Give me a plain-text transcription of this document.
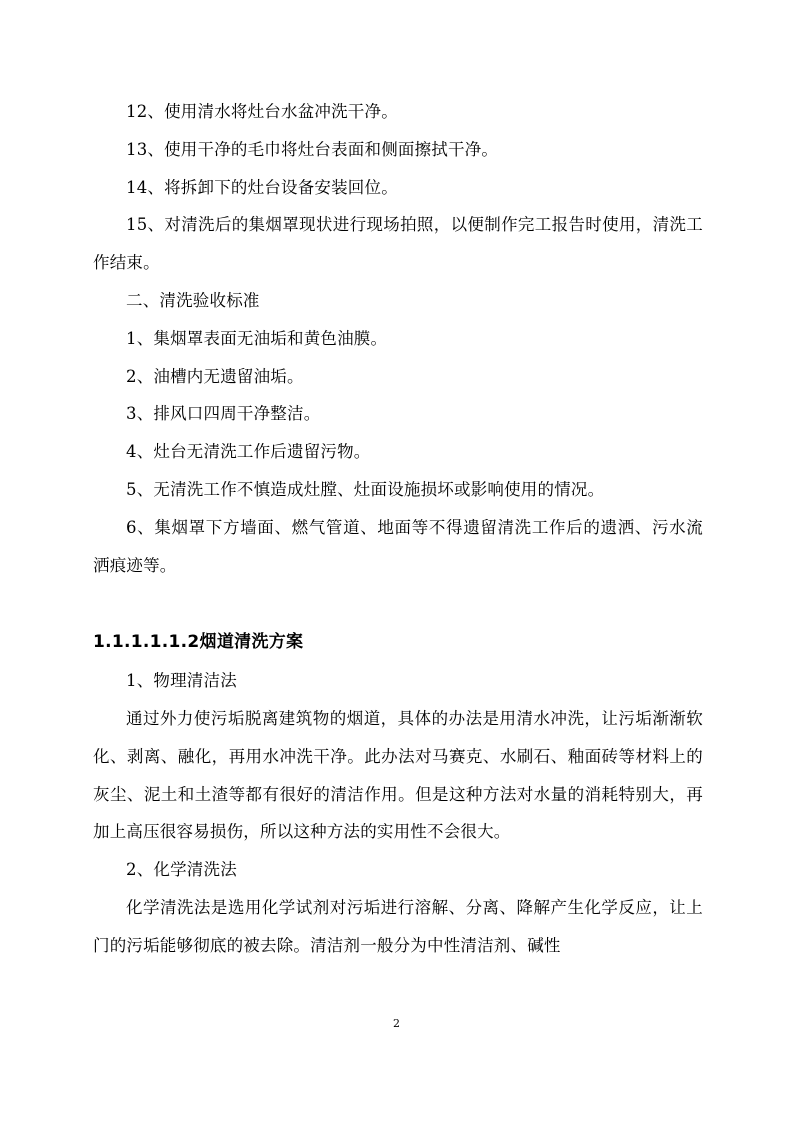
12、使用清水将灶台水盆冲洗干净。

13、使用干净的毛巾将灶台表面和侧面擦拭干净。

14、将拆卸下的灶台设备安装回位。

15、对清洗后的集烟罩现状进行现场拍照，以便制作完工报告时使用，清洗工作结束。

二、清洗验收标准

1、集烟罩表面无油垢和黄色油膜。

2、油槽内无遗留油垢。

3、排风口四周干净整洁。

4、灶台无清洗工作后遗留污物。

5、无清洗工作不慎造成灶膛、灶面设施损坏或影响使用的情况。

6、集烟罩下方墙面、燃气管道、地面等不得遗留清洗工作后的遗洒、污水流洒痕迹等。

1.1.1.1.1.2烟道清洗方案

1、物理清洁法

通过外力使污垢脱离建筑物的烟道，具体的办法是用清水冲洗，让污垢渐渐软化、剥离、融化，再用水冲洗干净。此办法对马赛克、水刷石、釉面砖等材料上的灰尘、泥土和土渣等都有很好的清洁作用。但是这种方法对水量的消耗特别大，再加上高压很容易损伤，所以这种方法的实用性不会很大。

2、化学清洗法

化学清洗法是选用化学试剂对污垢进行溶解、分离、降解产生化学反应，让上门的污垢能够彻底的被去除。清洁剂一般分为中性清洁剂、碱性

2
